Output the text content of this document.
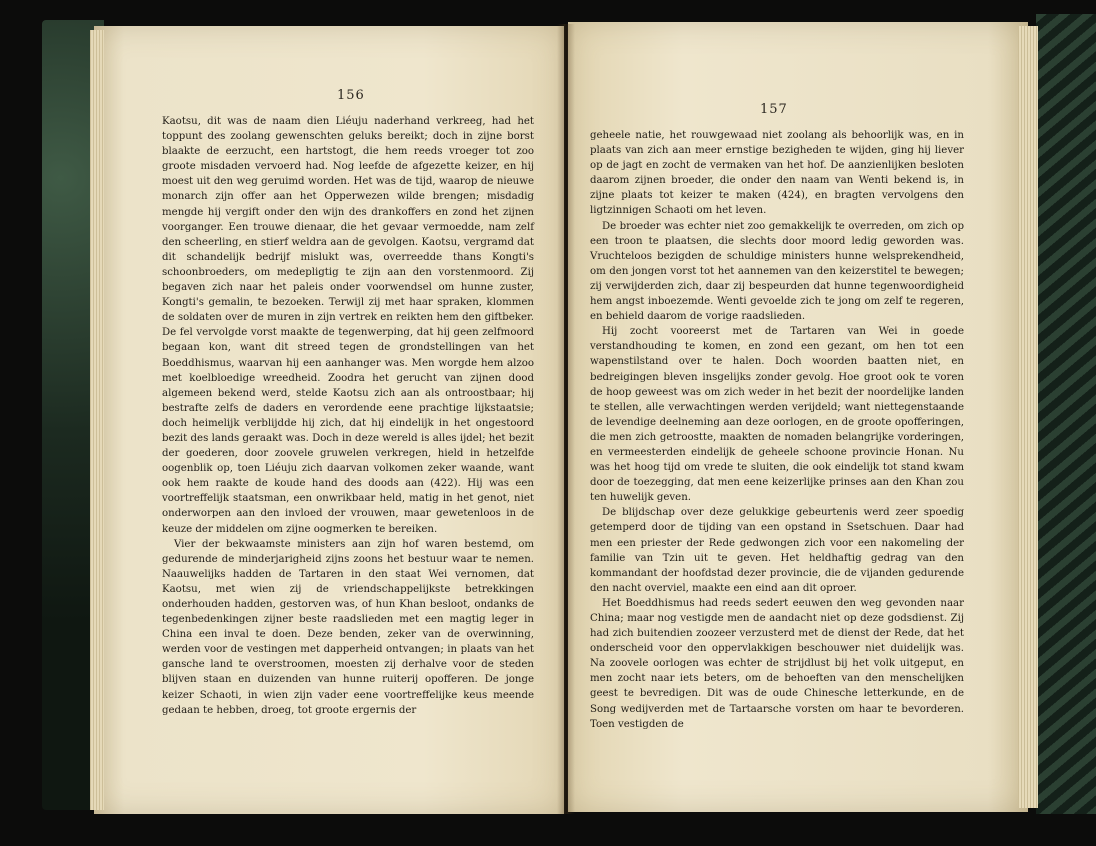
156

Kaotsu, dit was de naam dien Liéuju naderhand verkreeg, had het toppunt des zoolang gewenschten geluks bereikt; doch in zijne borst blaakte de eerzucht, een hartstogt, die hem reeds vroeger tot zoo groote misdaden vervoerd had. Nog leefde de afgezette keizer, en hij moest uit den weg geruimd worden. Het was de tijd, waarop de nieuwe monarch zijn offer aan het Opperwezen wilde brengen; misdadig mengde hij vergift onder den wijn des drankoffers en zond het zijnen voorganger. Een trouwe dienaar, die het gevaar vermoedde, nam zelf den scheerling, en stierf weldra aan de gevolgen. Kaotsu, vergramd dat dit schandelijk bedrijf mislukt was, overreedde thans Kongti's schoonbroeders, om medepligtig te zijn aan den vorstenmoord. Zij begaven zich naar het paleis onder voorwendsel om hunne zuster, Kongti's gemalin, te bezoeken. Terwijl zij met haar spraken, klommen de soldaten over de muren in zijn vertrek en reikten hem den giftbeker. De fel vervolgde vorst maakte de tegenwerping, dat hij geen zelfmoord begaan kon, want dit streed tegen de grondstellingen van het Boeddhismus, waarvan hij een aanhanger was. Men worgde hem alzoo met koelbloedige wreedheid. Zoodra het gerucht van zijnen dood algemeen bekend werd, stelde Kaotsu zich aan als ontroostbaar; hij bestrafte zelfs de daders en verordende eene prachtige lijkstaatsie; doch heimelijk verblijdde hij zich, dat hij eindelijk in het ongestoord bezit des lands geraakt was. Doch in deze wereld is alles ijdel; het bezit der goederen, door zoovele gruwelen verkregen, hield in hetzelfde oogenblik op, toen Liéuju zich daarvan volkomen zeker waande, want ook hem raakte de koude hand des doods aan (422). Hij was een voortreffelijk staatsman, een onwrikbaar held, matig in het genot, niet onderworpen aan den invloed der vrouwen, maar gewetenloos in de keuze der middelen om zijne oogmerken te bereiken.

Vier der bekwaamste ministers aan zijn hof waren bestemd, om gedurende de minderjarigheid zijns zoons het bestuur waar te nemen. Naauwelijks hadden de Tartaren in den staat Wei vernomen, dat Kaotsu, met wien zij de vriendschappelijkste betrekkingen onderhouden hadden, gestorven was, of hun Khan besloot, ondanks de tegenbedenkingen zijner beste raadslieden met een magtig leger in China een inval te doen. Deze benden, zeker van de overwinning, werden voor de vestingen met dapperheid ontvangen; in plaats van het gansche land te overstroomen, moesten zij derhalve voor de steden blijven staan en duizenden van hunne ruiterij opofferen. De jonge keizer Schaoti, in wien zijn vader eene voortreffelijke keus meende gedaan te hebben, droeg, tot groote ergernis der

157

geheele natie, het rouwgewaad niet zoolang als behoorlijk was, en in plaats van zich aan meer ernstige bezigheden te wijden, ging hij liever op de jagt en zocht de vermaken van het hof. De aanzienlijken besloten daarom zijnen broeder, die onder den naam van Wenti bekend is, in zijne plaats tot keizer te maken (424), en bragten vervolgens den ligtzinnigen Schaoti om het leven.

De broeder was echter niet zoo gemakkelijk te overreden, om zich op een troon te plaatsen, die slechts door moord ledig geworden was. Vruchteloos bezigden de schuldige ministers hunne welsprekendheid, om den jongen vorst tot het aannemen van den keizerstitel te bewegen; zij verwijderden zich, daar zij bespeurden dat hunne tegenwoordigheid hem angst inboezemde. Wenti gevoelde zich te jong om zelf te regeren, en behield daarom de vorige raadslieden.

Hij zocht vooreerst met de Tartaren van Wei in goede verstandhouding te komen, en zond een gezant, om hen tot een wapenstilstand over te halen. Doch woorden baatten niet, en bedreigingen bleven insgelijks zonder gevolg. Hoe groot ook te voren de hoop geweest was om zich weder in het bezit der noordelijke landen te stellen, alle verwachtingen werden verijdeld; want niettegenstaande de levendige deelneming aan deze oorlogen, en de groote opofferingen, die men zich getroostte, maakten de nomaden belangrijke vorderingen, en vermeesterden eindelijk de geheele schoone provincie Honan. Nu was het hoog tijd om vrede te sluiten, die ook eindelijk tot stand kwam door de toezegging, dat men eene keizerlijke prinses aan den Khan zou ten huwelijk geven.

De blijdschap over deze gelukkige gebeurtenis werd zeer spoedig getemperd door de tijding van een opstand in Ssetschuen. Daar had men een priester der Rede gedwongen zich voor een nakomeling der familie van Tzin uit te geven. Het heldhaftig gedrag van den kommandant der hoofdstad dezer provincie, die de vijanden gedurende den nacht overviel, maakte een eind aan dit oproer.

Het Boeddhismus had reeds sedert eeuwen den weg gevonden naar China; maar nog vestigde men de aandacht niet op deze godsdienst. Zij had zich buitendien zoozeer verzusterd met de dienst der Rede, dat het onderscheid voor den oppervlakkigen beschouwer niet duidelijk was. Na zoovele oorlogen was echter de strijdlust bij het volk uitgeput, en men zocht naar iets beters, om de behoeften van den menschelijken geest te bevredigen. Dit was de oude Chinesche letterkunde, en de Song wedijverden met de Tartaarsche vorsten om haar te bevorderen. Toen vestigden de
